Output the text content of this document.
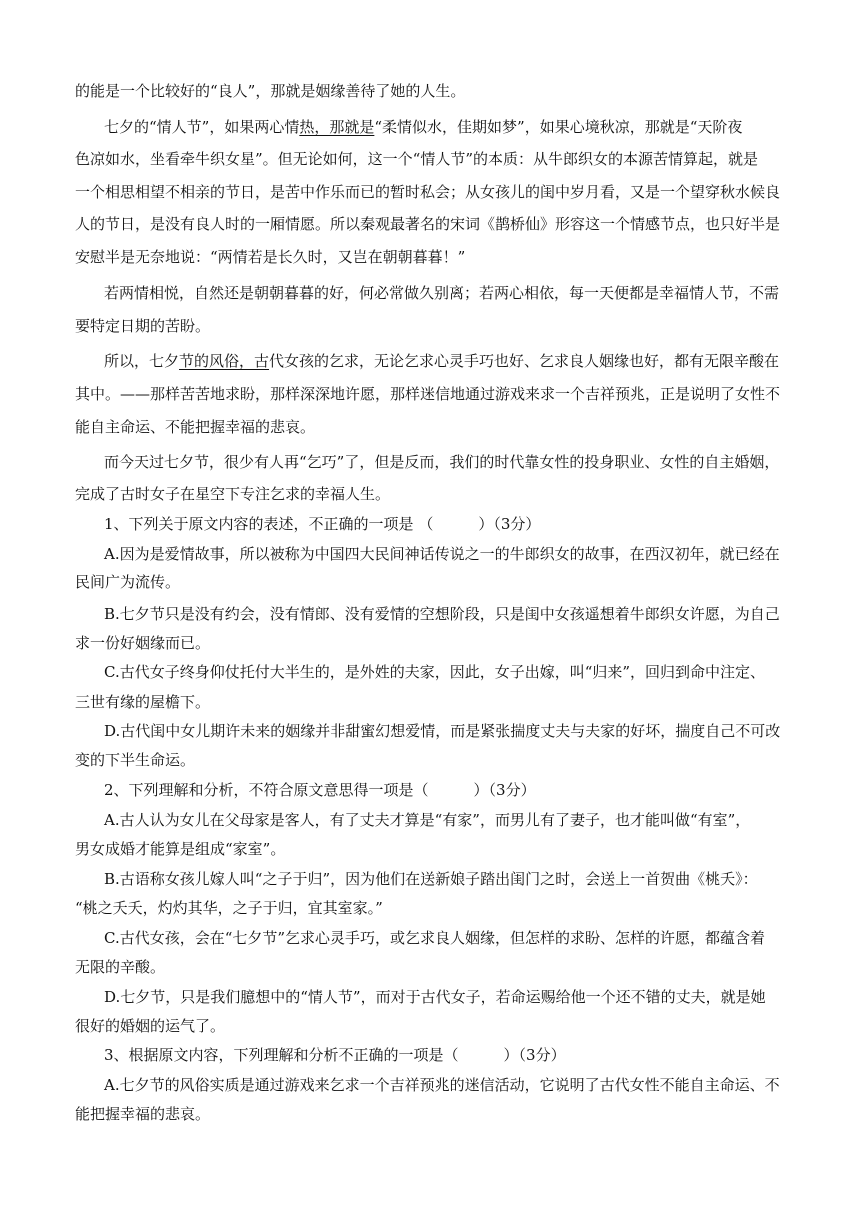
的能是一个比较好的“良人”，那就是姻缘善待了她的人生。
七夕的“情人节”，如果两心情热，那就是“柔情似水，佳期如梦”，如果心境秋凉，那就是“天阶夜
色凉如水，坐看牵牛织女星”。但无论如何，这一个“情人节”的本质：从牛郎织女的本源苦情算起，就是
一个相思相望不相亲的节日，是苦中作乐而已的暂时私会；从女孩儿的闺中岁月看，又是一个望穿秋水候良
人的节日，是没有良人时的一厢情愿。所以秦观最著名的宋词《鹊桥仙》形容这一个情感节点，也只好半是
安慰半是无奈地说：“两情若是长久时，又岂在朝朝暮暮！”
若两情相悦，自然还是朝朝暮暮的好，何必常做久别离；若两心相依，每一天便都是幸福情人节，不需
要特定日期的苦盼。
所以，七夕节的风俗，古代女孩的乞求，无论乞求心灵手巧也好、乞求良人姻缘也好，都有无限辛酸在
其中。——那样苦苦地求盼，那样深深地许愿，那样迷信地通过游戏来求一个吉祥预兆，正是说明了女性不
能自主命运、不能把握幸福的悲哀。
而今天过七夕节，很少有人再“乞巧”了，但是反而，我们的时代靠女性的投身职业、女性的自主婚姻，
完成了古时女子在星空下专注乞求的幸福人生。
1、下列关于原文内容的表述，不正确的一项是 （　　　）（3分）
A.因为是爱情故事，所以被称为中国四大民间神话传说之一的牛郎织女的故事，在西汉初年，就已经在
民间广为流传。
B.七夕节只是没有约会，没有情郎、没有爱情的空想阶段，只是闺中女孩遥想着牛郎织女许愿，为自己
求一份好姻缘而已。
C.古代女子终身仰仗托付大半生的，是外姓的夫家，因此，女子出嫁，叫“归来”，回归到命中注定、
三世有缘的屋檐下。
D.古代闺中女儿期许未来的姻缘并非甜蜜幻想爱情，而是紧张揣度丈夫与夫家的好坏，揣度自己不可改
变的下半生命运。
2、下列理解和分析，不符合原文意思得一项是（　　　）（3分）
A.古人认为女儿在父母家是客人，有了丈夫才算是“有家”，而男儿有了妻子，也才能叫做“有室”，
男女成婚才能算是组成“家室”。
B.古语称女孩儿嫁人叫“之子于归”，因为他们在送新娘子踏出闺门之时，会送上一首贺曲《桃夭》：
“桃之夭夭，灼灼其华，之子于归，宜其室家。”
C.古代女孩，会在“七夕节”乞求心灵手巧，或乞求良人姻缘，但怎样的求盼、怎样的许愿，都蕴含着
无限的辛酸。
D.七夕节，只是我们臆想中的“情人节”，而对于古代女子，若命运赐给他一个还不错的丈夫，就是她
很好的婚姻的运气了。
3、根据原文内容，下列理解和分析不正确的一项是（　　　）（3分）
A.七夕节的风俗实质是通过游戏来乞求一个吉祥预兆的迷信活动，它说明了古代女性不能自主命运、不
能把握幸福的悲哀。
